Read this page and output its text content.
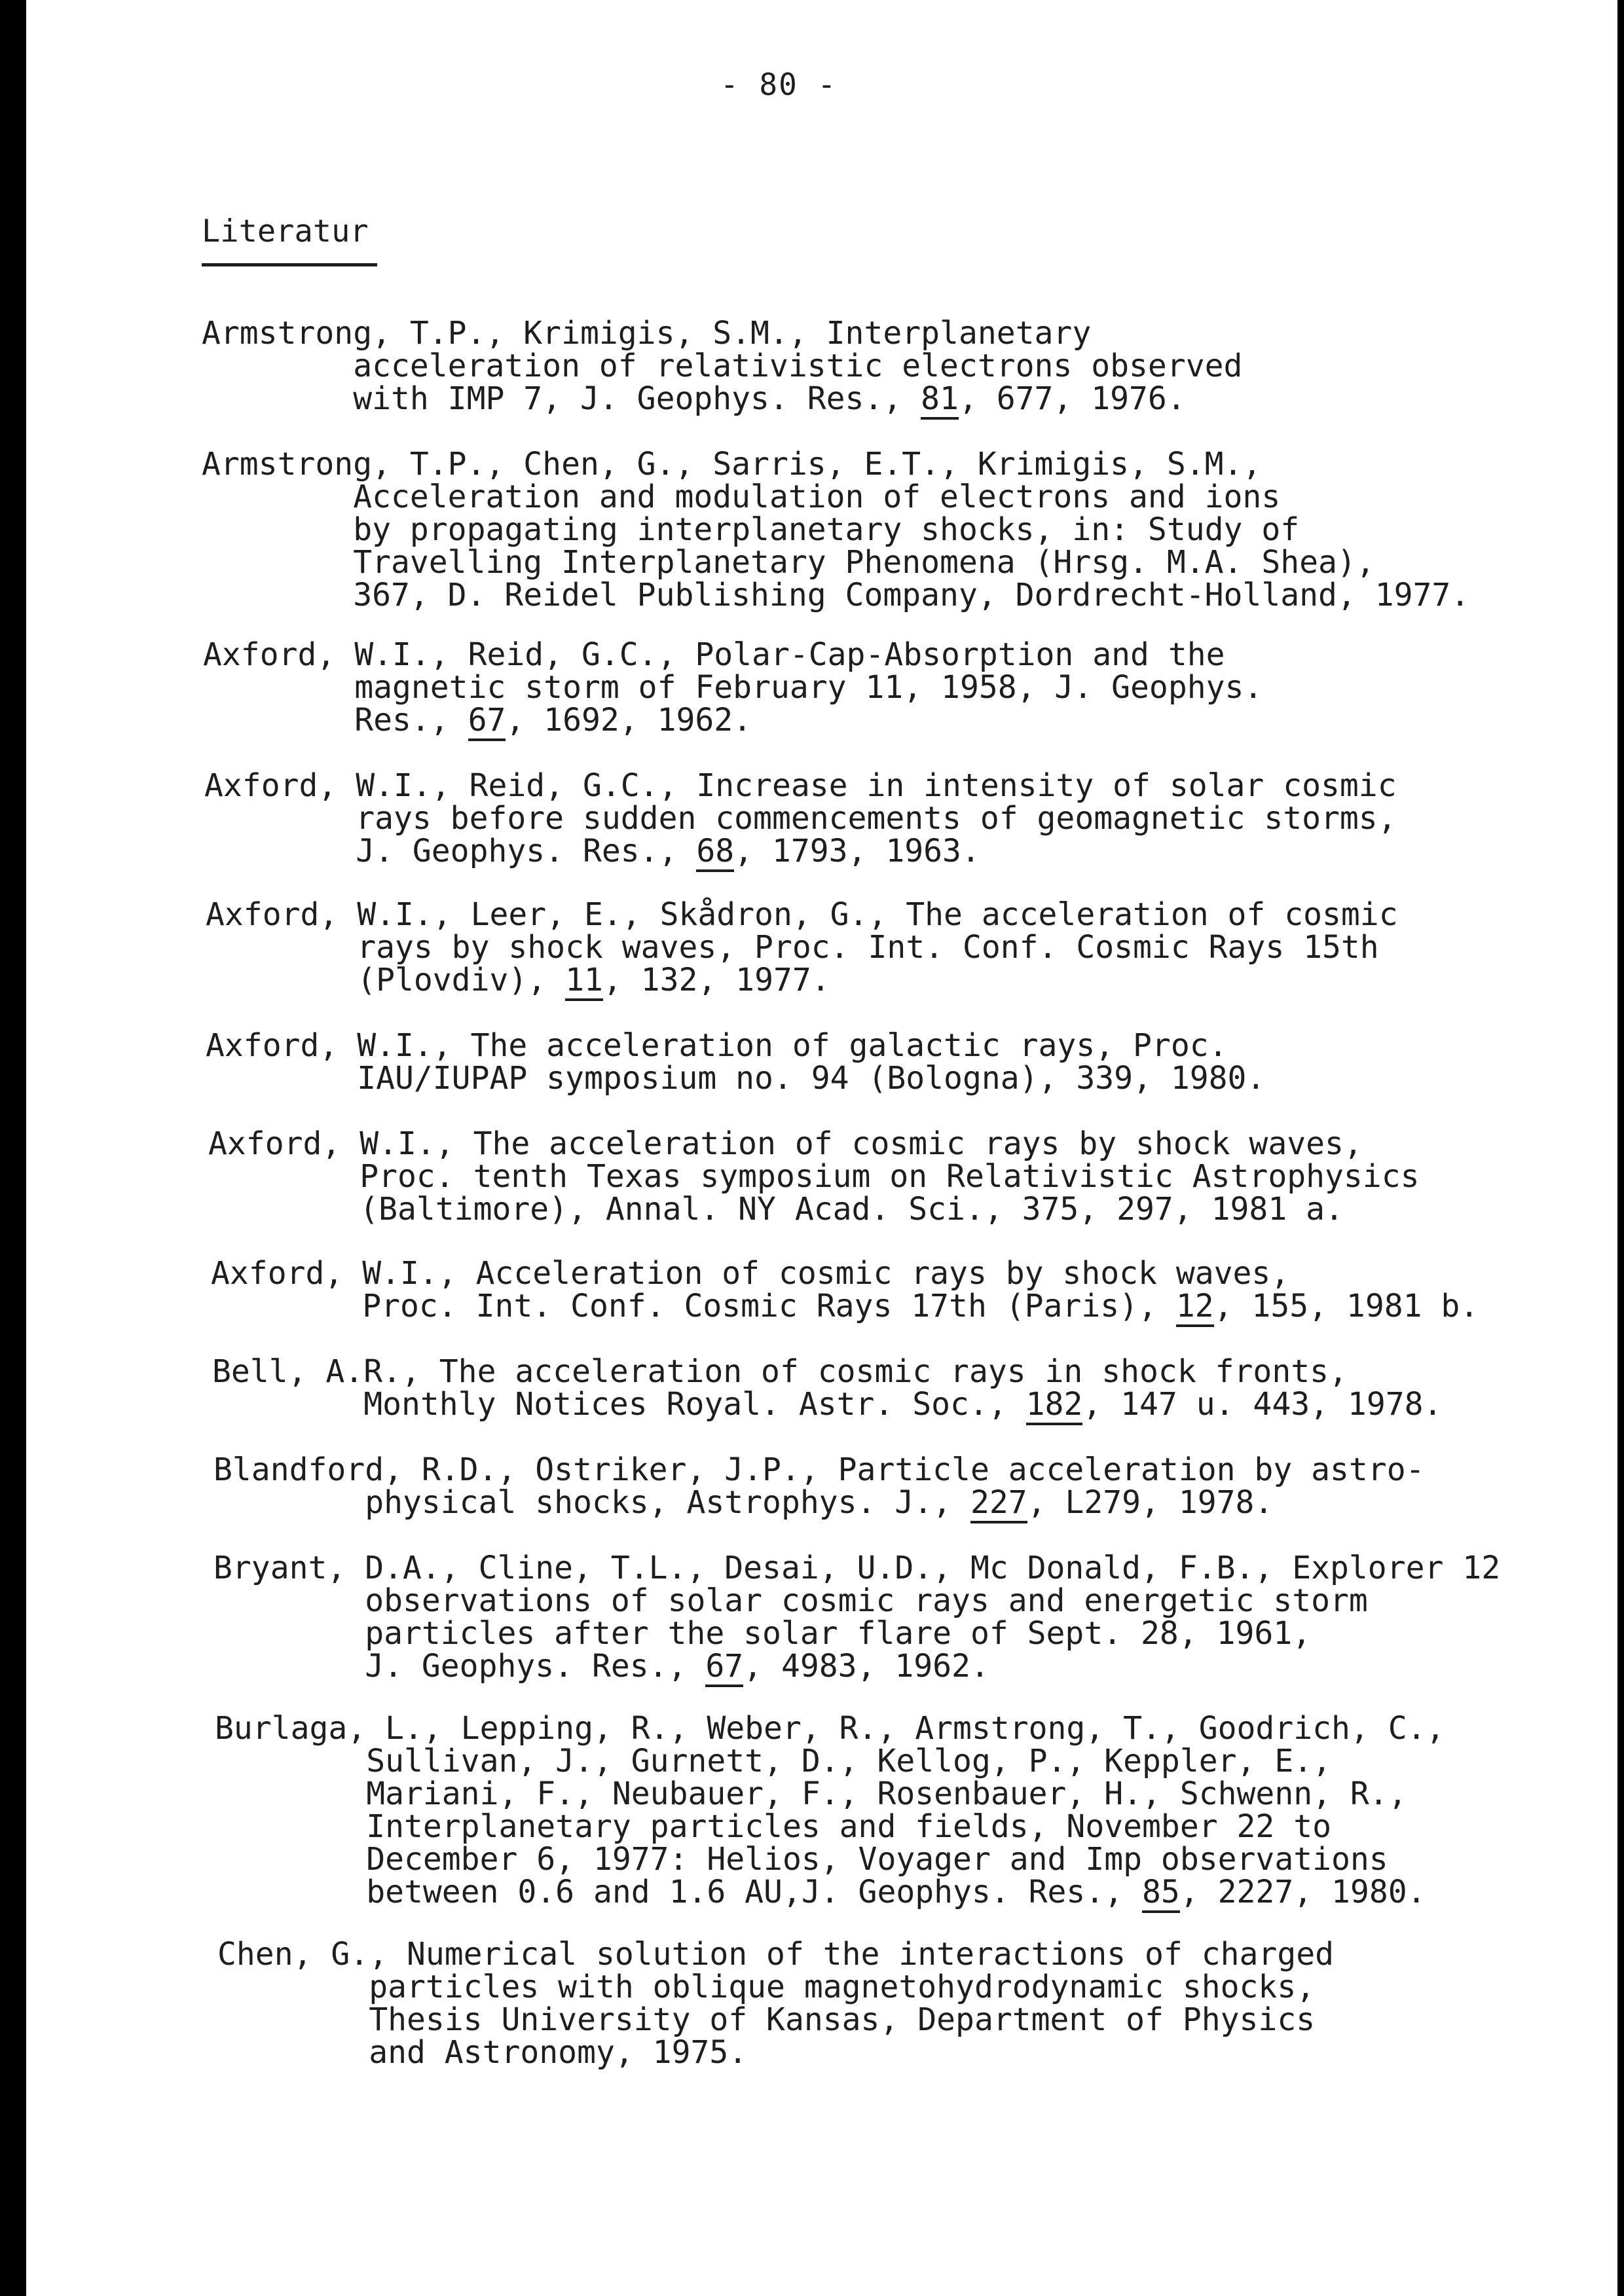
- 80 -
Literatur
Armstrong, T.P., Krimigis, S.M., Interplanetary
acceleration of relativistic electrons observed
with IMP 7, J. Geophys. Res., 81, 677, 1976.
Armstrong, T.P., Chen, G., Sarris, E.T., Krimigis, S.M.,
Acceleration and modulation of electrons and ions
by propagating interplanetary shocks, in: Study of
Travelling Interplanetary Phenomena (Hrsg. M.A. Shea),
367, D. Reidel Publishing Company, Dordrecht-Holland, 1977.
Axford, W.I., Reid, G.C., Polar-Cap-Absorption and the
magnetic storm of February 11, 1958, J. Geophys.
Res., 67, 1692, 1962.
Axford, W.I., Reid, G.C., Increase in intensity of solar cosmic
rays before sudden commencements of geomagnetic storms,
J. Geophys. Res., 68, 1793, 1963.
Axford, W.I., Leer, E., Skådron, G., The acceleration of cosmic
rays by shock waves, Proc. Int. Conf. Cosmic Rays 15th
(Plovdiv), 11, 132, 1977.
Axford, W.I., The acceleration of galactic rays, Proc.
IAU/IUPAP symposium no. 94 (Bologna), 339, 1980.
Axford, W.I., The acceleration of cosmic rays by shock waves,
Proc. tenth Texas symposium on Relativistic Astrophysics
(Baltimore), Annal. NY Acad. Sci., 375, 297, 1981 a.
Axford, W.I., Acceleration of cosmic rays by shock waves,
Proc. Int. Conf. Cosmic Rays 17th (Paris), 12, 155, 1981 b.
Bell, A.R., The acceleration of cosmic rays in shock fronts,
Monthly Notices Royal. Astr. Soc., 182, 147 u. 443, 1978.
Blandford, R.D., Ostriker, J.P., Particle acceleration by astro-
physical shocks, Astrophys. J., 227, L279, 1978.
Bryant, D.A., Cline, T.L., Desai, U.D., Mc Donald, F.B., Explorer 12
observations of solar cosmic rays and energetic storm
particles after the solar flare of Sept. 28, 1961,
J. Geophys. Res., 67, 4983, 1962.
Burlaga, L., Lepping, R., Weber, R., Armstrong, T., Goodrich, C.,
Sullivan, J., Gurnett, D., Kellog, P., Keppler, E.,
Mariani, F., Neubauer, F., Rosenbauer, H., Schwenn, R.,
Interplanetary particles and fields, November 22 to
December 6, 1977: Helios, Voyager and Imp observations
between 0.6 and 1.6 AU,J. Geophys. Res., 85, 2227, 1980.
Chen, G., Numerical solution of the interactions of charged
particles with oblique magnetohydrodynamic shocks,
Thesis University of Kansas, Department of Physics
and Astronomy, 1975.
